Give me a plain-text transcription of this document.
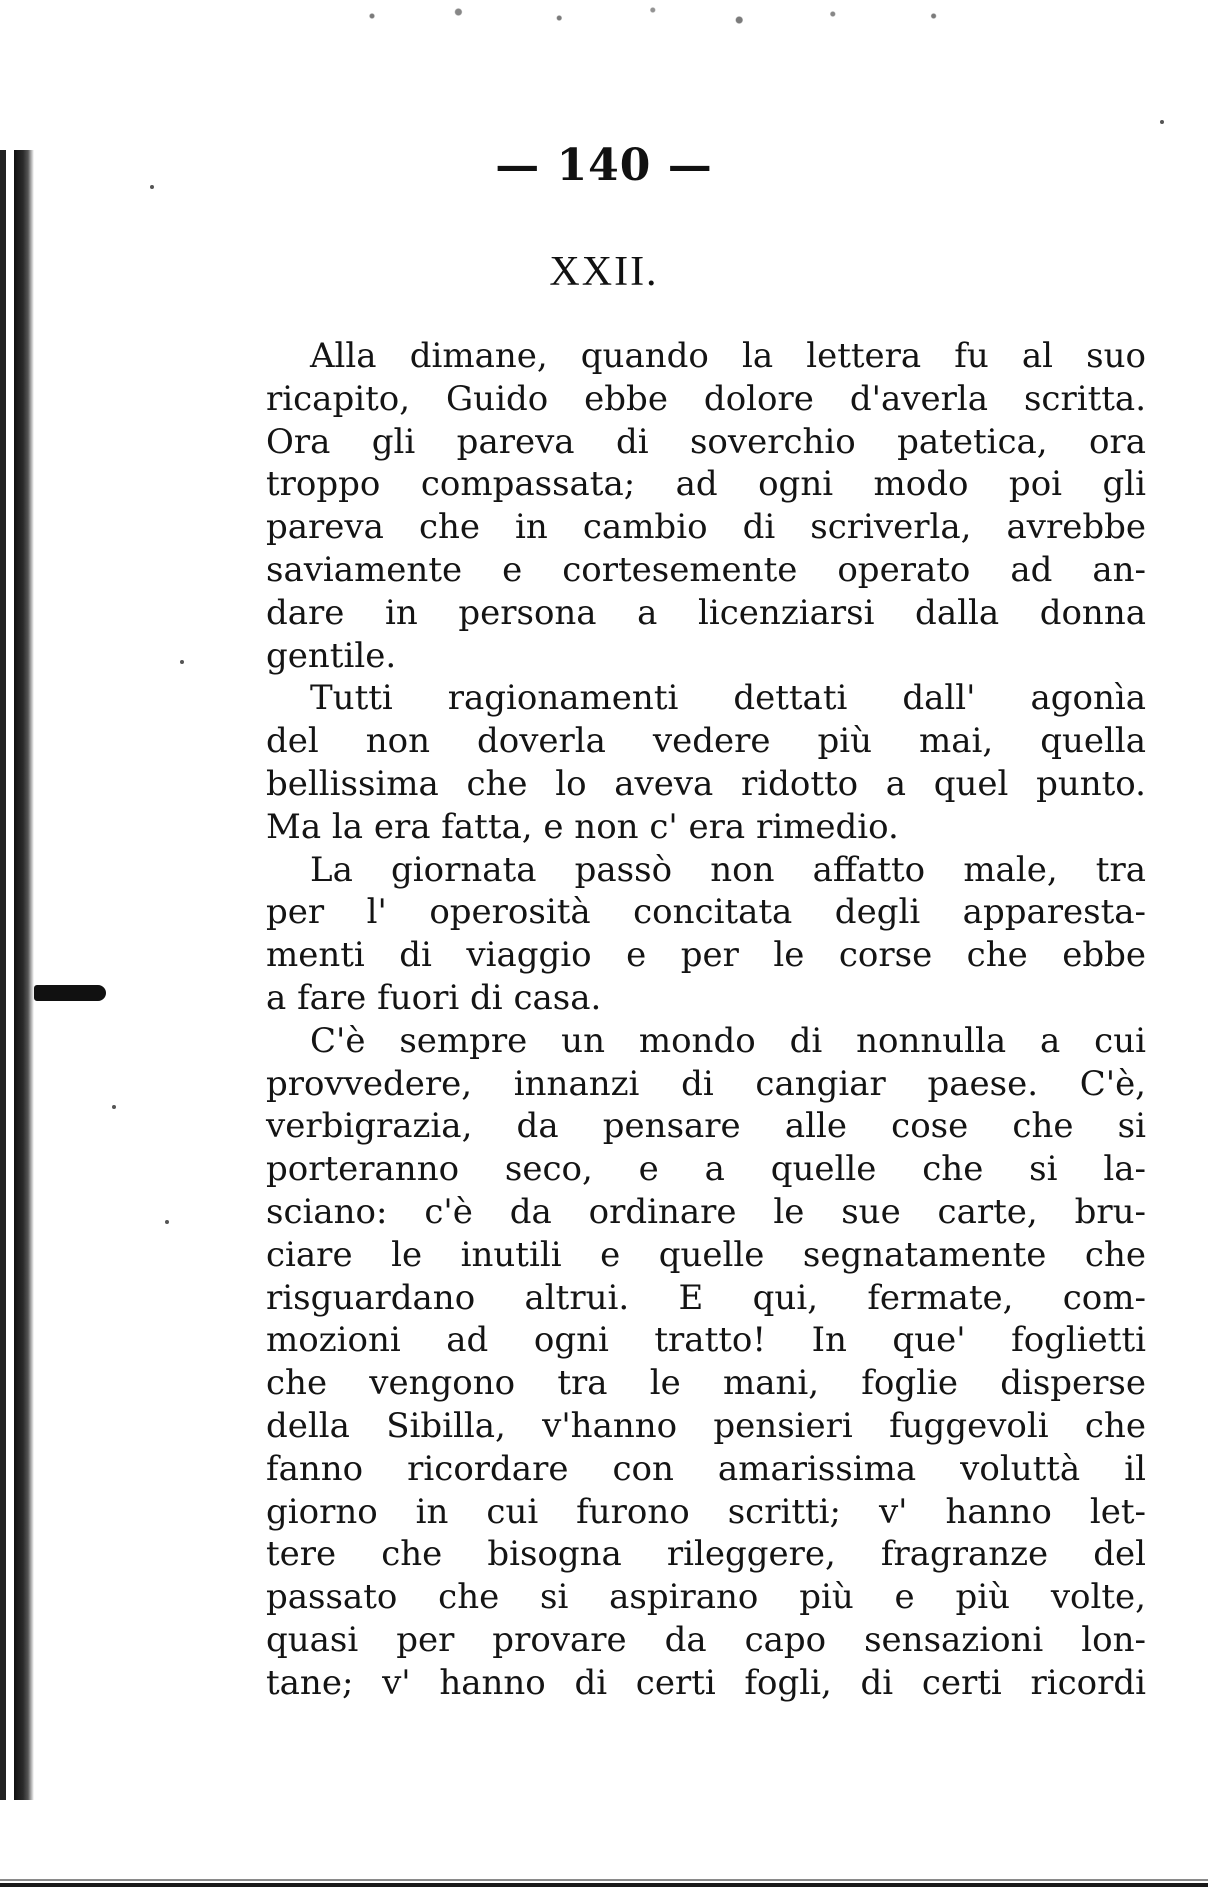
— 140 —
XXII.
Alla dimane, quando la lettera fu al suo
ricapito, Guido ebbe dolore d'averla scritta.
Ora gli pareva di soverchio patetica, ora
troppo compassata; ad ogni modo poi gli
pareva che in cambio di scriverla, avrebbe
saviamente e cortesemente operato ad an-
dare in persona a licenziarsi dalla donna
gentile.
Tutti ragionamenti dettati dall' agonìa
del non doverla vedere più mai, quella
bellissima che lo aveva ridotto a quel punto.
Ma la era fatta, e non c' era rimedio.
La giornata passò non affatto male, tra
per l' operosità concitata degli apparesta-
menti di viaggio e per le corse che ebbe
a fare fuori di casa.
C'è sempre un mondo di nonnulla a cui
provvedere, innanzi di cangiar paese. C'è,
verbigrazia, da pensare alle cose che si
porteranno seco, e a quelle che si la-
sciano: c'è da ordinare le sue carte, bru-
ciare le inutili e quelle segnatamente che
risguardano altrui. E qui, fermate, com-
mozioni ad ogni tratto! In que' foglietti
che vengono tra le mani, foglie disperse
della Sibilla, v'hanno pensieri fuggevoli che
fanno ricordare con amarissima voluttà il
giorno in cui furono scritti; v' hanno let-
tere che bisogna rileggere, fragranze del
passato che si aspirano più e più volte,
quasi per provare da capo sensazioni lon-
tane; v' hanno di certi fogli, di certi ricordi
